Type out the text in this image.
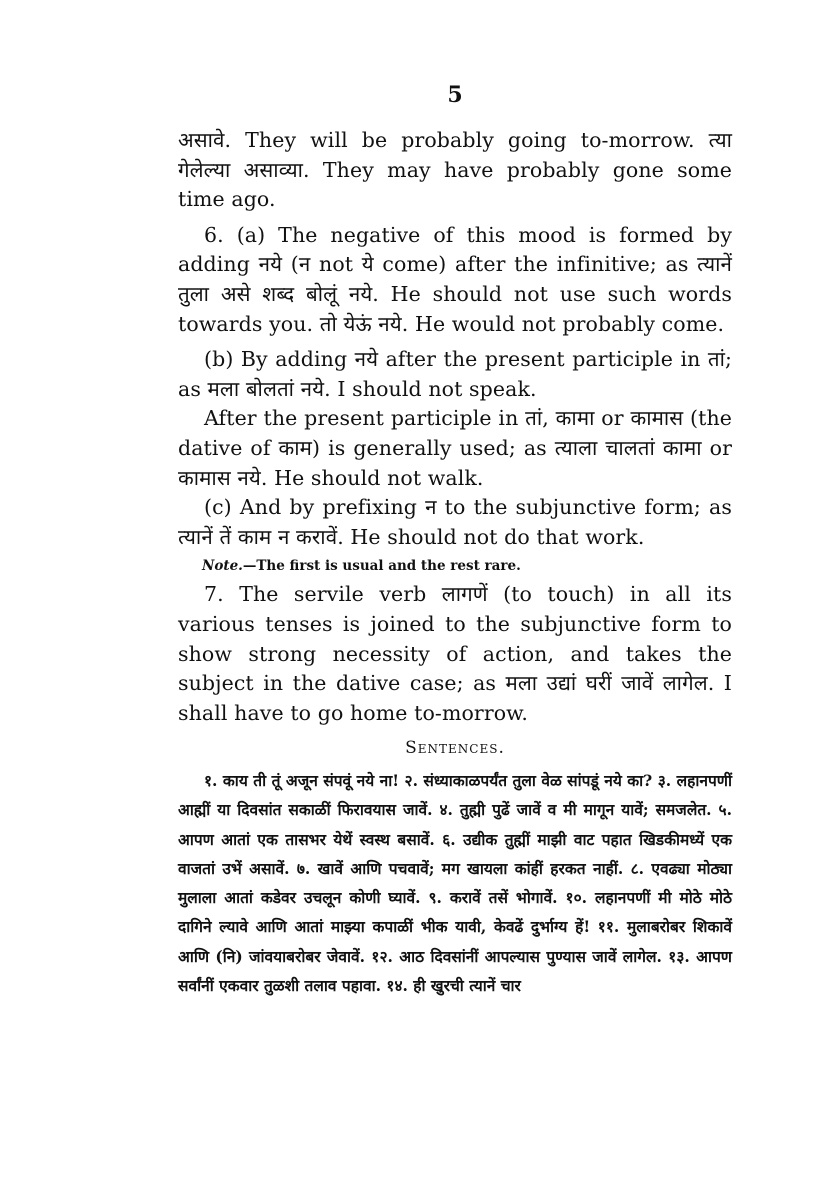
5

असावे. They will be probably going to-morrow. त्या गेलेल्या असाव्या. They may have probably gone some time ago.

6. (a) The negative of this mood is formed by adding नये (न not ये come) after the infinitive; as त्यानें तुला असे शब्द बोलूं नये. He should not use such words towards you. तो येऊं नये. He would not probably come.

(b) By adding नये after the present participle in तां; as मला बोलतां नये. I should not speak.

After the present participle in तां, कामा or कामास (the dative of काम) is generally used; as त्याला चालतां कामा or कामास नये. He should not walk.

(c) And by prefixing न to the subjunctive form; as त्यानें तें काम न करावें. He should not do that work.

Note.—The first is usual and the rest rare.

7. The servile verb लागणें (to touch) in all its various tenses is joined to the subjunctive form to show strong necessity of action, and takes the subject in the dative case; as मला उद्यां घरीं जावें लागेल. I shall have to go home to-morrow.

Sentences.

१. काय ती तूं अजून संपवूं नये ना! २. संध्याकाळपर्यंत तुला वेळ सांपडूं नये का? ३. लहानपणीं आह्मीं या दिवसांत सकाळीं फिरावयास जावें. ४. तुह्मी पुढें जावें व मी मागून यावें; समजलेत. ५. आपण आतां एक तासभर येथें स्वस्थ बसावें. ६. उद्यीक तुह्मीं माझी वाट पहात खिडकीमध्यें एक वाजतां उभें असावें. ७. खावें आणि पचवावें; मग खायला कांहीं हरकत नाहीं. ८. एवढ्या मोठ्या मुलाला आतां कडेवर उचलून कोणी घ्यावें. ९. करावें तसें भोगावें. १०. लहानपणीं मी मोठे मोठे दागिने ल्यावे आणि आतां माझ्या कपाळीं भीक यावी, केवढें दुर्भाग्य हें! ११. मुलाबरोबर शिकावें आणि (नि) जांवयाबरोबर जेवावें. १२. आठ दिवसांनीं आपल्यास पुण्यास जावें लागेल. १३. आपण सर्वांनीं एकवार तुळशी तलाव पहावा. १४. ही खुरची त्यानें चार
